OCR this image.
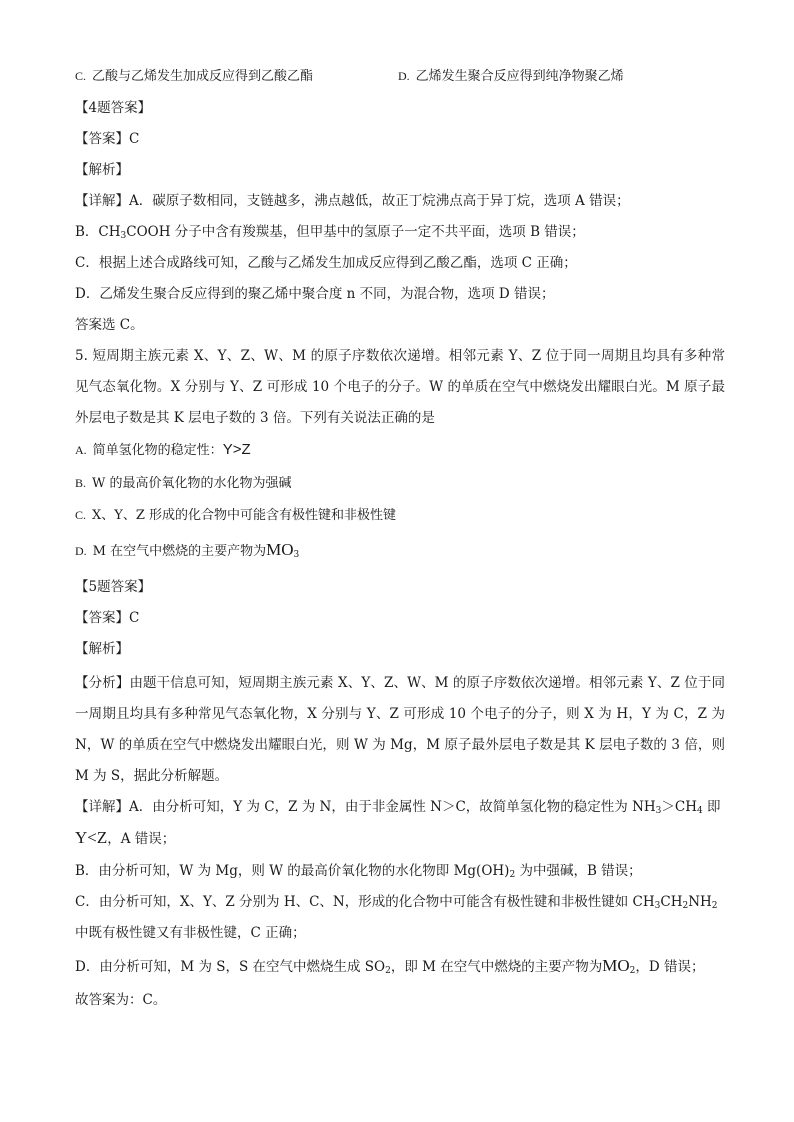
C. 乙酸与乙烯发生加成反应得到乙酸乙酯	D. 乙烯发生聚合反应得到纯净物聚乙烯
【4题答案】
【答案】C
【解析】
【详解】A．碳原子数相同，支链越多，沸点越低，故正丁烷沸点高于异丁烷，选项 A 错误；
B．$CH_3COOH$ 分子中含有羧羰基，但甲基中的氢原子一定不共平面，选项 B 错误；
C．根据上述合成路线可知，乙酸与乙烯发生加成反应得到乙酸乙酯，选项 C 正确；
D．乙烯发生聚合反应得到的聚乙烯中聚合度 n 不同，为混合物，选项 D 错误；
答案选 C。
5. 短周期主族元素 X、Y、Z、W、M 的原子序数依次递增。相邻元素 Y、Z 位于同一周期且均具有多种常
见气态氧化物。X 分别与 Y、Z 可形成 10 个电子的分子。W 的单质在空气中燃烧发出耀眼白光。M 原子最
外层电子数是其 K 层电子数的 3 倍。下列有关说法正确的是
A. 简单氢化物的稳定性：Y>Z
B. W 的最高价氧化物的水化物为强碱
C. X、Y、Z 形成的化合物中可能含有极性键和非极性键
D. M 在空气中燃烧的主要产物为$MO_3$
【5题答案】
【答案】C
【解析】
【分析】由题干信息可知，短周期主族元素 X、Y、Z、W、M 的原子序数依次递增。相邻元素 Y、Z 位于同
一周期且均具有多种常见气态氧化物，X 分别与 Y、Z 可形成 10 个电子的分子，则 X 为 H，Y 为 C，Z 为
N，W 的单质在空气中燃烧发出耀眼白光，则 W 为 Mg，M 原子最外层电子数是其 K 层电子数的 3 倍，则
M 为 S，据此分析解题。
【详解】A．由分析可知，Y 为 C，Z 为 N，由于非金属性 N＞C，故简单氢化物的稳定性为 $NH_3>CH_4$ 即
Y<Z，A 错误；
B．由分析可知，W 为 Mg，则 W 的最高价氧化物的水化物即 $Mg(OH)_2$ 为中强碱，B 错误；
C．由分析可知，X、Y、Z 分别为 H、C、N，形成的化合物中可能含有极性键和非极性键如 $CH_3CH_2NH_2$
中既有极性键又有非极性键，C 正确；
D．由分析可知，M 为 S，S 在空气中燃烧生成 $SO_2$，即 M 在空气中燃烧的主要产物为$MO_2$，D 错误；
故答案为：C。
